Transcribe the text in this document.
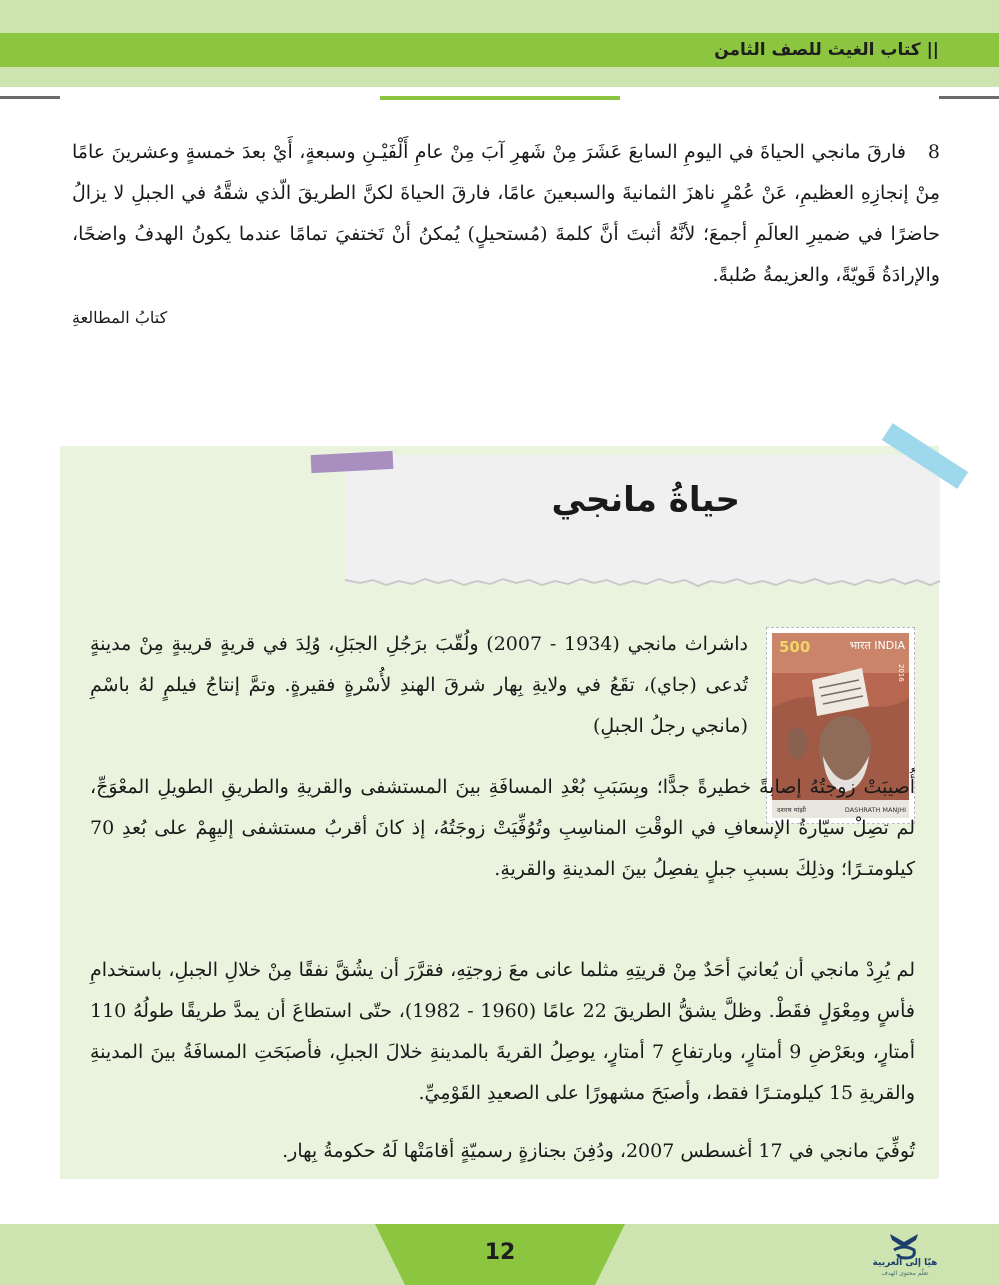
|| كتاب الغيث للصف الثامن

8فارقَ مانجي الحياةَ في اليومِ السابعَ عَشَرَ مِنْ شَهرِ آبَ مِنْ عامِ أَلْفَيْـنِ وسبعةٍ، أَيْ بعدَ خمسةٍ وعشرينَ عامًا مِنْ إنجازِهِ العظيمِ، عَنْ عُمْرٍ ناهزَ الثمانيةَ والسبعينَ عامًا، فارقَ الحياةَ لكنَّ الطريقَ الّذي شقَّهُ في الجبلِ لا يزالُ حاضرًا في ضميرِ العالَمِ أجمعَ؛ لأنَّهُ أثبتَ أنَّ كلمةَ (مُستحيلٍ) يُمكنُ أنْ تَختفيَ تمامًا عندما يكونُ الهدفُ واضحًا، والإرادَةُ قَويّةً، والعزيمةُ صُلبةً.

كتابُ المطالعةِ

حياةُ مانجي
500	भारत INDIA
2016
दशरथ मांझी	DASHRATH MANJHI

داشراث مانجي (1934 - 2007) ولُقّبَ برَجُلِ الجبَلِ، وُلِدَ في قريةٍ قريبةٍ مِنْ مدينةٍ تُدعى (جاي)، تقَعُ في ولايةِ بِهار شرقَ الهندِ لأُسْرةٍ فقيرةٍ. وتمَّ إنتاجُ فيلمٍ لهُ باسْمِ (مانجي رجلُ الجبلِ)

أُصيبَتْ زوجتُهُ إصابةً خطيرةً جدًّا؛ وبِسَبَبِ بُعْدِ المسافَةِ بينَ المستشفى والقريةِ والطريقِ الطويلِ المعْوَجِّ، لم تصِلْ سيّارةُ الإسعافِ في الوقْتِ المناسِبِ وتُوُفِّيَتْ زوجَتُهُ، إذ كانَ أقربُ مستشفى إليهِمْ على بُعدِ 70 كيلومتـرًا؛ وذلِكَ بسببِ جبلٍ يفصِلُ بينَ المدينةِ والقريةِ.

لم يُرِدْ مانجي أن يُعانيَ أحَدٌ مِنْ قريتِهِ مثلما عانى معَ زوجتِهِ، فقرَّرَ أن يشُقَّ نفقًا مِنْ خلالِ الجبلِ، باستخدامِ فأسٍ ومِعْوَلٍ فقَطْ. وظلَّ يشقُّ الطريقَ 22 عامًا (1960 - 1982)، حتّى استطاعَ أن يمدَّ طريقًا طولُهُ 110 أمتارٍ، وبعَرْضِ 9 أمتارٍ، وبارتفاعِ 7 أمتارٍ، يوصِلُ القريةَ بالمدينةِ خلالَ الجبلِ، فأصبَحَتِ المسافَةُ بينَ المدينةِ والقريةِ 15 كيلومتـرًا فقط، وأصبَحَ مشهورًا على الصعيدِ القَوْمِيِّ.

تُوفِّيَ مانجي في 17 أغسطس 2007، ودُفِنَ بجنازةٍ رسميّةٍ أقامَتْها لَهُ حكومةُ بِهار.

12	هيّا إلى العربية
تعلّم محتوى الهدف
